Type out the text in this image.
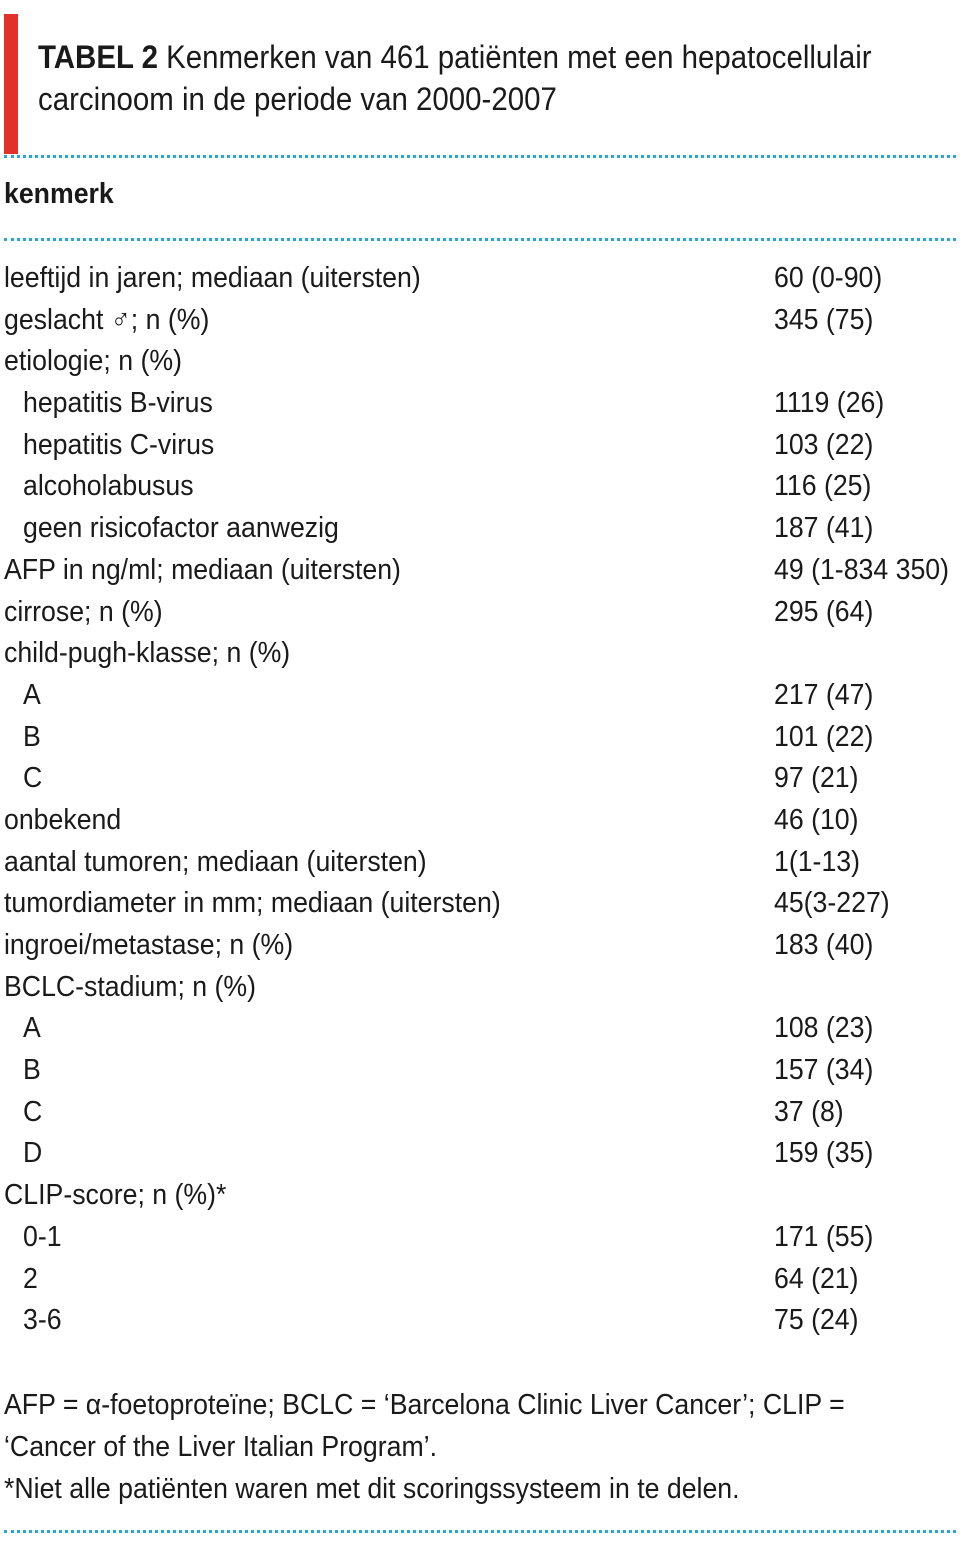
TABEL 2 Kenmerken van 461 patiënten met een hepatocellulair carcinoom in de periode van 2000-2007
kenmerk
leeftijd in jaren; mediaan (uitersten)	60 (0-90)
geslacht ♂; n (%)	345 (75)
etiologie; n (%)
hepatitis B-virus	1119 (26)
hepatitis C-virus	103 (22)
alcoholabusus	116 (25)
geen risicofactor aanwezig	187 (41)
AFP in ng/ml; mediaan (uitersten)	49 (1-834 350)
cirrose; n (%)	295 (64)
child-pugh-klasse; n (%)
A	217 (47)
B	101 (22)
C	97 (21)
onbekend	46 (10)
aantal tumoren; mediaan (uitersten)	1(1-13)
tumordiameter in mm; mediaan (uitersten)	45(3-227)
ingroei/metastase; n (%)	183 (40)
BCLC-stadium; n (%)
A	108 (23)
B	157 (34)
C	37 (8)
D	159 (35)
CLIP-score; n (%)*
0-1	171 (55)
2	64 (21)
3-6	75 (24)

AFP = α-foetoproteïne; BCLC = ‘Barcelona Clinic Liver Cancer’; CLIP = ‘Cancer of the Liver Italian Program’.

*Niet alle patiënten waren met dit scoringssysteem in te delen.
